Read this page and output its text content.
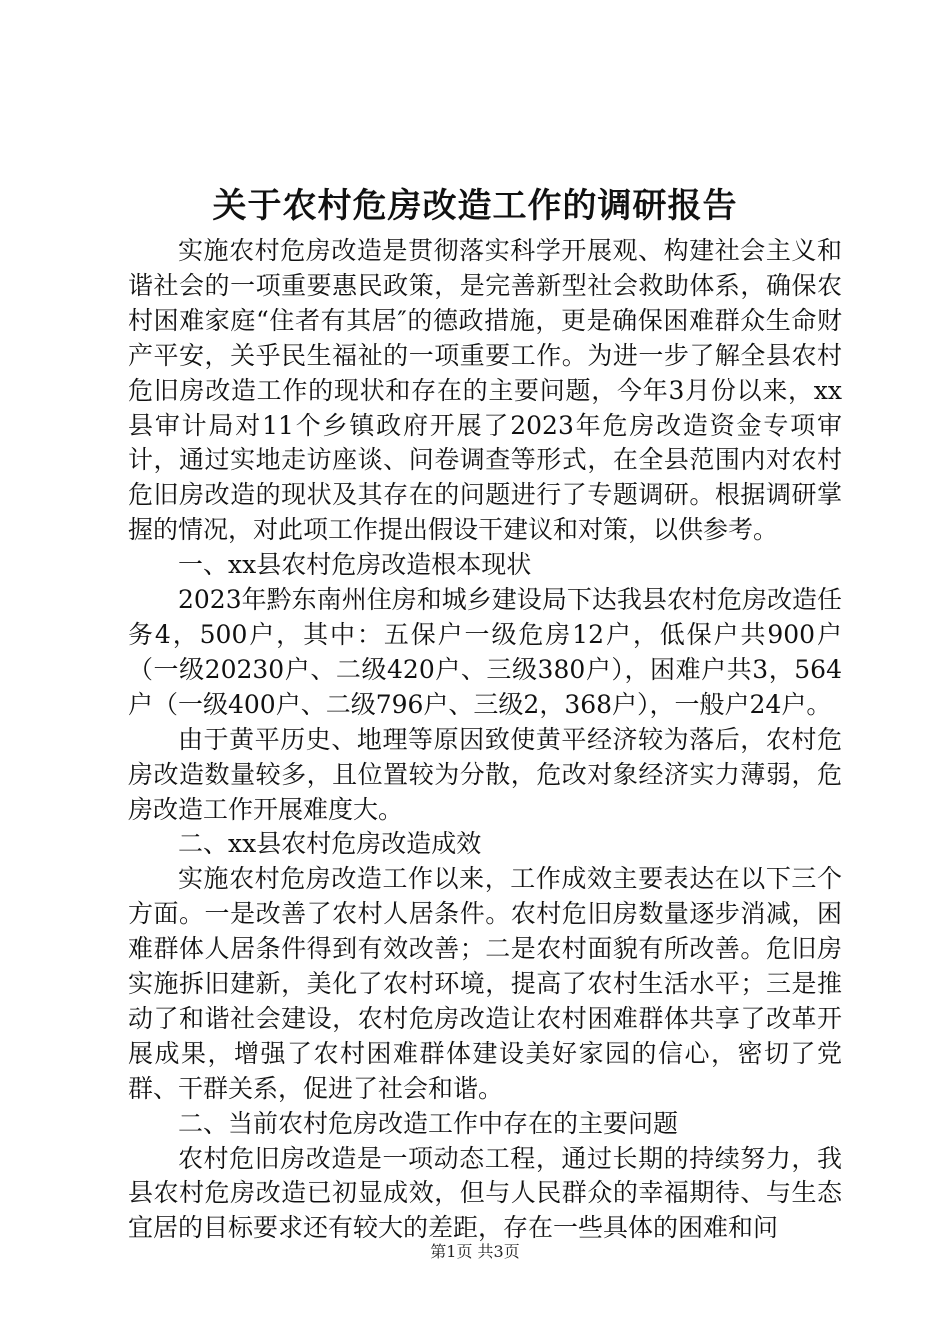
关于农村危房改造工作的调研报告

实施农村危房改造是贯彻落实科学开展观、构建社会主义和谐社会的一项重要惠民政策，是完善新型社会救助体系，确保农村困难家庭“住者有其居″的德政措施，更是确保困难群众生命财产平安，关乎民生福祉的一项重要工作。为进一步了解全县农村危旧房改造工作的现状和存在的主要问题，今年3月份以来，xx县审计局对11个乡镇政府开展了2023年危房改造资金专项审计，通过实地走访座谈、问卷调查等形式，在全县范围内对农村危旧房改造的现状及其存在的问题进行了专题调研。根据调研掌握的情况，对此项工作提出假设干建议和对策，以供参考。

一、xx县农村危房改造根本现状

2023年黔东南州住房和城乡建设局下达我县农村危房改造任务4，500户，其中：五保户一级危房12户，低保户共900户（一级20230户、二级420户、三级380户），困难户共3，564户（一级400户、二级796户、三级2，368户），一般户24户。

由于黄平历史、地理等原因致使黄平经济较为落后，农村危房改造数量较多，且位置较为分散，危改对象经济实力薄弱，危房改造工作开展难度大。

二、xx县农村危房改造成效

实施农村危房改造工作以来，工作成效主要表达在以下三个方面。一是改善了农村人居条件。农村危旧房数量逐步消减，困难群体人居条件得到有效改善；二是农村面貌有所改善。危旧房实施拆旧建新，美化了农村环境，提高了农村生活水平；三是推动了和谐社会建设，农村危房改造让农村困难群体共享了改革开展成果，增强了农村困难群体建设美好家园的信心，密切了党群、干群关系，促进了社会和谐。

二、当前农村危房改造工作中存在的主要问题

农村危旧房改造是一项动态工程，通过长期的持续努力，我县农村危房改造已初显成效，但与人民群众的幸福期待、与生态宜居的目标要求还有较大的差距，存在一些具体的困难和问

第1页 共3页
